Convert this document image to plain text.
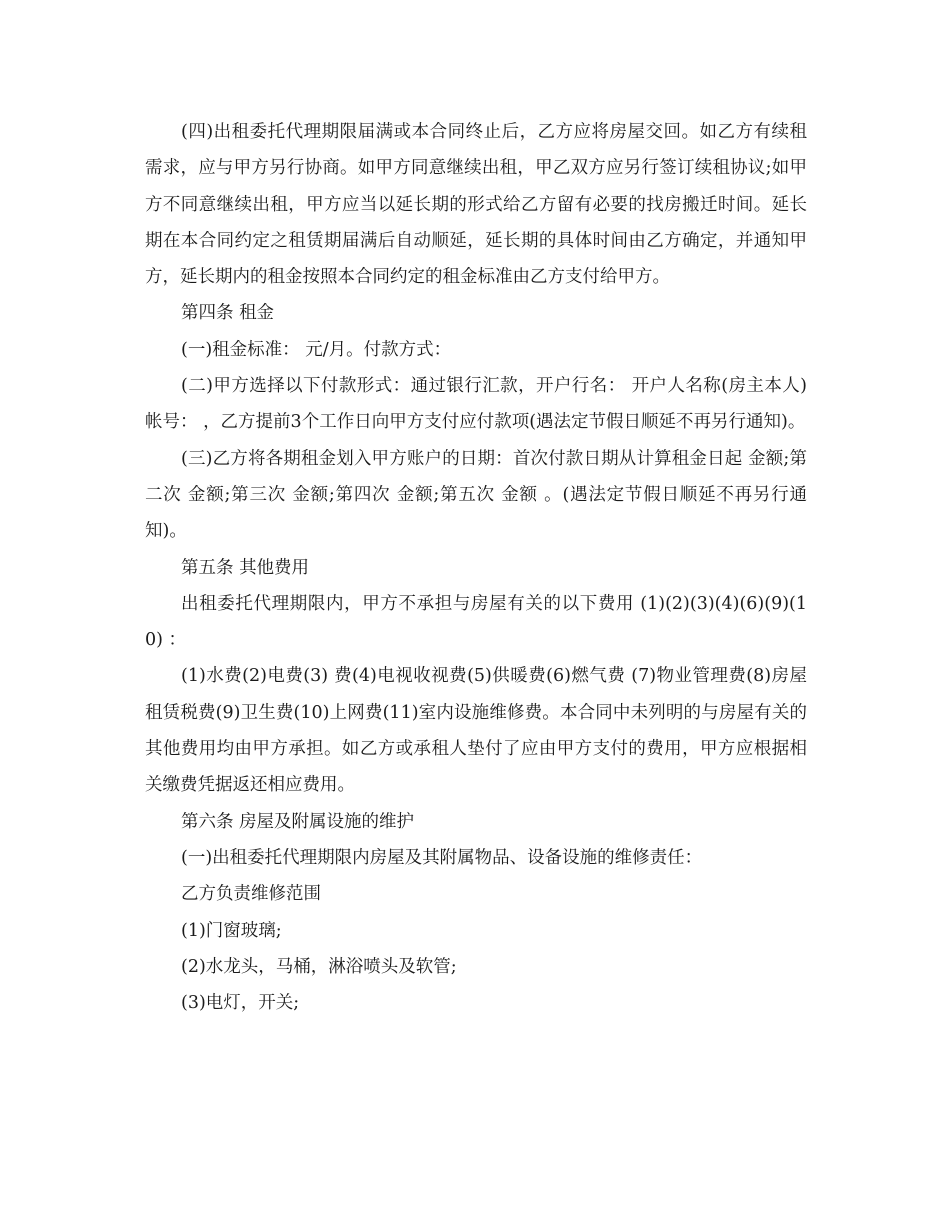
(四)出租委托代理期限届满或本合同终止后，乙方应将房屋交回。如乙方有续租需求，应与甲方另行协商。如甲方同意继续出租，甲乙双方应另行签订续租协议;如甲方不同意继续出租，甲方应当以延长期的形式给乙方留有必要的找房搬迁时间。延长期在本合同约定之租赁期届满后自动顺延，延长期的具体时间由乙方确定，并通知甲方，延长期内的租金按照本合同约定的租金标准由乙方支付给甲方。

第四条 租金

(一)租金标准： 元/月。付款方式：

(二)甲方选择以下付款形式：通过银行汇款，开户行名： 开户人名称(房主本人) 帐号： ，乙方提前3个工作日向甲方支付应付款项(遇法定节假日顺延不再另行通知)。

(三)乙方将各期租金划入甲方账户的日期：首次付款日期从计算租金日起 金额;第二次 金额;第三次 金额;第四次 金额;第五次 金额 。(遇法定节假日顺延不再另行通知)。

第五条 其他费用

出租委托代理期限内，甲方不承担与房屋有关的以下费用 (1)(2)(3)(4)(6)(9)(10) ：

(1)水费(2)电费(3) 费(4)电视收视费(5)供暖费(6)燃气费 (7)物业管理费(8)房屋租赁税费(9)卫生费(10)上网费(11)室内设施维修费。本合同中未列明的与房屋有关的其他费用均由甲方承担。如乙方或承租人垫付了应由甲方支付的费用，甲方应根据相关缴费凭据返还相应费用。

第六条 房屋及附属设施的维护

(一)出租委托代理期限内房屋及其附属物品、设备设施的维修责任：

乙方负责维修范围

(1)门窗玻璃;

(2)水龙头，马桶，淋浴喷头及软管;

(3)电灯，开关;
